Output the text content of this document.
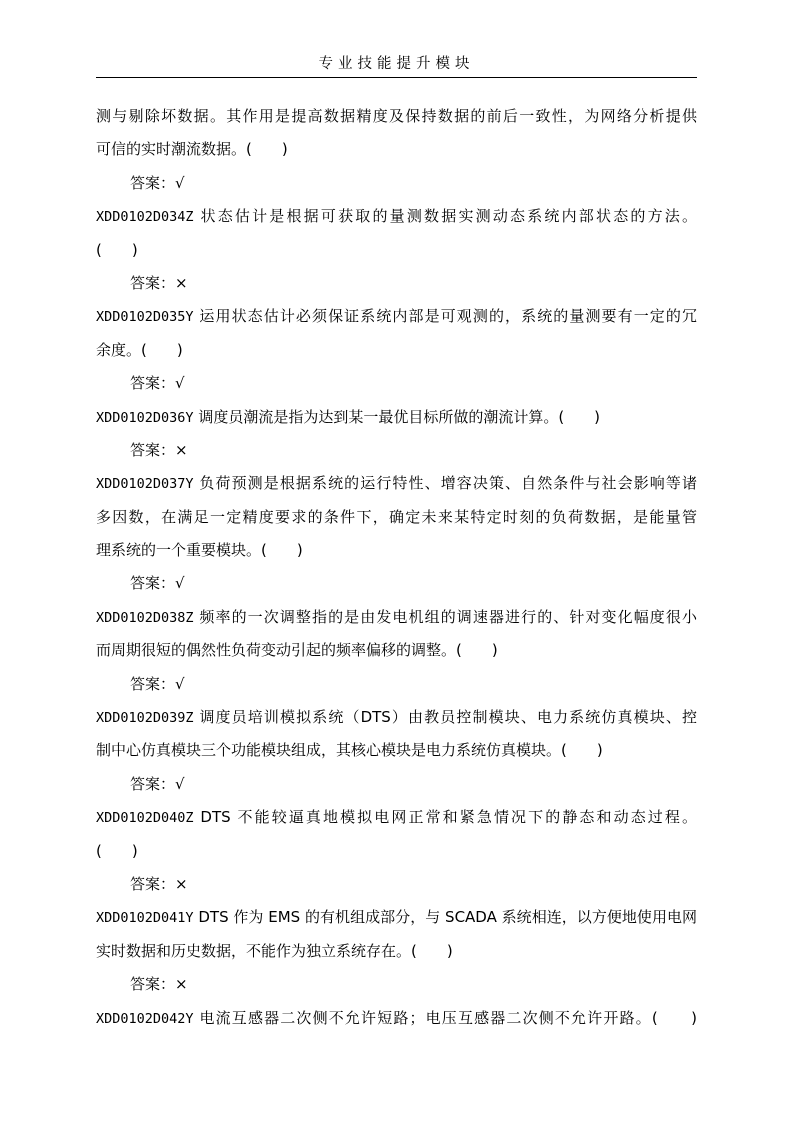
专业技能提升模块
测与剔除坏数据。其作用是提高数据精度及保持数据的前后一致性，为网络分析提供
可信的实时潮流数据。(　　)
答案：√
XDD0102D034Z 状态估计是根据可获取的量测数据实测动态系统内部状态的方法。
(　　)
答案：×
XDD0102D035Y 运用状态估计必须保证系统内部是可观测的，系统的量测要有一定的冗
余度。(　　)
答案：√
XDD0102D036Y 调度员潮流是指为达到某一最优目标所做的潮流计算。(　　)
答案：×
XDD0102D037Y 负荷预测是根据系统的运行特性、增容决策、自然条件与社会影响等诸
多因数，在满足一定精度要求的条件下，确定未来某特定时刻的负荷数据，是能量管
理系统的一个重要模块。(　　)
答案：√
XDD0102D038Z 频率的一次调整指的是由发电机组的调速器进行的、针对变化幅度很小
而周期很短的偶然性负荷变动引起的频率偏移的调整。(　　)
答案：√
XDD0102D039Z 调度员培训模拟系统（DTS）由教员控制模块、电力系统仿真模块、控
制中心仿真模块三个功能模块组成，其核心模块是电力系统仿真模块。(　　)
答案：√
XDD0102D040Z DTS 不能较逼真地模拟电网正常和紧急情况下的静态和动态过程。
(　　)
答案：×
XDD0102D041Y DTS 作为 EMS 的有机组成部分，与 SCADA 系统相连，以方便地使用电网
实时数据和历史数据，不能作为独立系统存在。(　　)
答案：×
XDD0102D042Y 电流互感器二次侧不允许短路；电压互感器二次侧不允许开路。(　　)
